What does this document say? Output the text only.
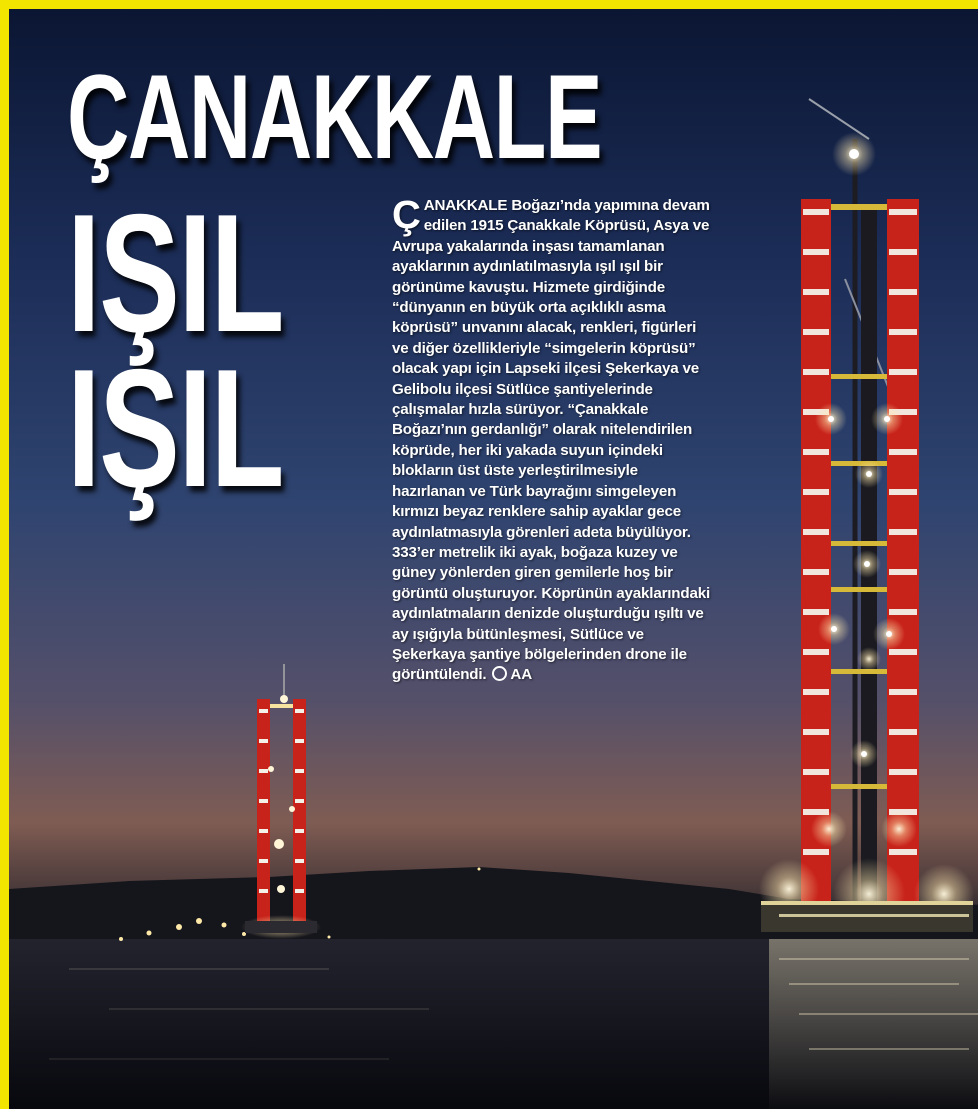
ÇANAKKALE
IŞIL
IŞIL
ÇANAKKALE Boğazı’nda yapımına devam edilen 1915 Çanakkale Köprüsü, Asya ve Avrupa yakalarında inşası tamamlanan ayaklarının aydınlatılmasıyla ışıl ışıl bir görünüme kavuştu. Hizmete girdiğinde “dünyanın en büyük orta açıklıklı asma köprüsü” unvanını alacak, renkleri, figürleri ve diğer özellikleriyle “simgelerin köprüsü” olacak yapı için Lapseki ilçesi Şekerkaya ve Gelibolu ilçesi Sütlüce şantiyelerinde çalışmalar hızla sürüyor. “Çanakkale Boğazı’nın gerdanlığı” olarak nitelendirilen köprüde, her iki yakada suyun içindeki blokların üst üste yerleştirilmesiyle hazırlanan ve Türk bayrağını simgeleyen kırmızı beyaz renklere sahip ayaklar gece aydınlatmasıyla görenleri adeta büyülüyor. 333’er metrelik iki ayak, boğaza kuzey ve güney yönlerden giren gemilerle hoş bir görüntü oluşturuyor. Köprünün ayaklarındaki aydınlatmaların denizde oluşturduğu ışıltı ve ay ışığıyla bütünleşmesi, Sütlüce ve Şekerkaya şantiye bölgelerinden drone ile görüntülendi. AA
